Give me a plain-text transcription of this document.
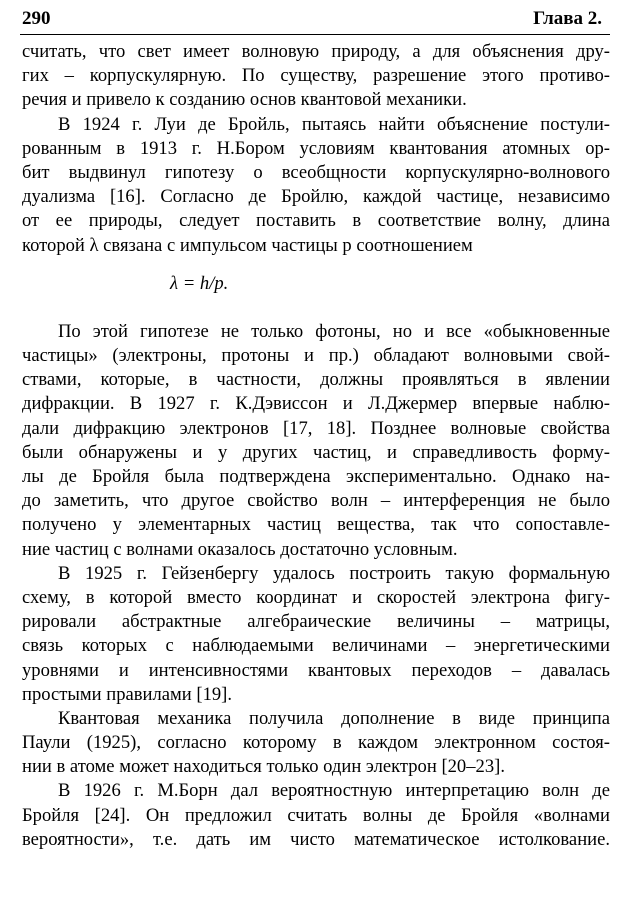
290	Глава 2.
считать, что свет имеет волновую природу, а для объяснения дру-
гих – корпускулярную. По существу, разрешение этого противо-
речия и привело к созданию основ квантовой механики.
В 1924 г. Луи де Бройль, пытаясь найти объяснение постули-
рованным в 1913 г. Н.Бором условиям квантования атомных ор-
бит выдвинул гипотезу о всеобщности корпускулярно-волнового
дуализма [16]. Согласно де Бройлю, каждой частице, независимо
от ее природы, следует поставить в соответствие волну, длина
которой λ связана с импульсом частицы p соотношением
λ = h/p.
По этой гипотезе не только фотоны, но и все «обыкновенные
частицы» (электроны, протоны и пр.) обладают волновыми свой-
ствами, которые, в частности, должны проявляться в явлении
дифракции. В 1927 г. К.Дэвиссон и Л.Джермер впервые наблю-
дали дифракцию электронов [17, 18]. Позднее волновые свойства
были обнаружены и у других частиц, и справедливость форму-
лы де Бройля была подтверждена экспериментально. Однако на-
до заметить, что другое свойство волн – интерференция не было
получено у элементарных частиц вещества, так что сопоставле-
ние частиц с волнами оказалось достаточно условным.
В 1925 г. Гейзенбергу удалось построить такую формальную
схему, в которой вместо координат и скоростей электрона фигу-
рировали абстрактные алгебраические величины – матрицы,
связь которых с наблюдаемыми величинами – энергетическими
уровнями и интенсивностями квантовых переходов – давалась
простыми правилами [19].
Квантовая механика получила дополнение в виде принципа
Паули (1925), согласно которому в каждом электронном состоя-
нии в атоме может находиться только один электрон [20–23].
В 1926 г. М.Борн дал вероятностную интерпретацию волн де
Бройля [24]. Он предложил считать волны де Бройля «волнами
вероятности», т.е. дать им чисто математическое истолкование.
